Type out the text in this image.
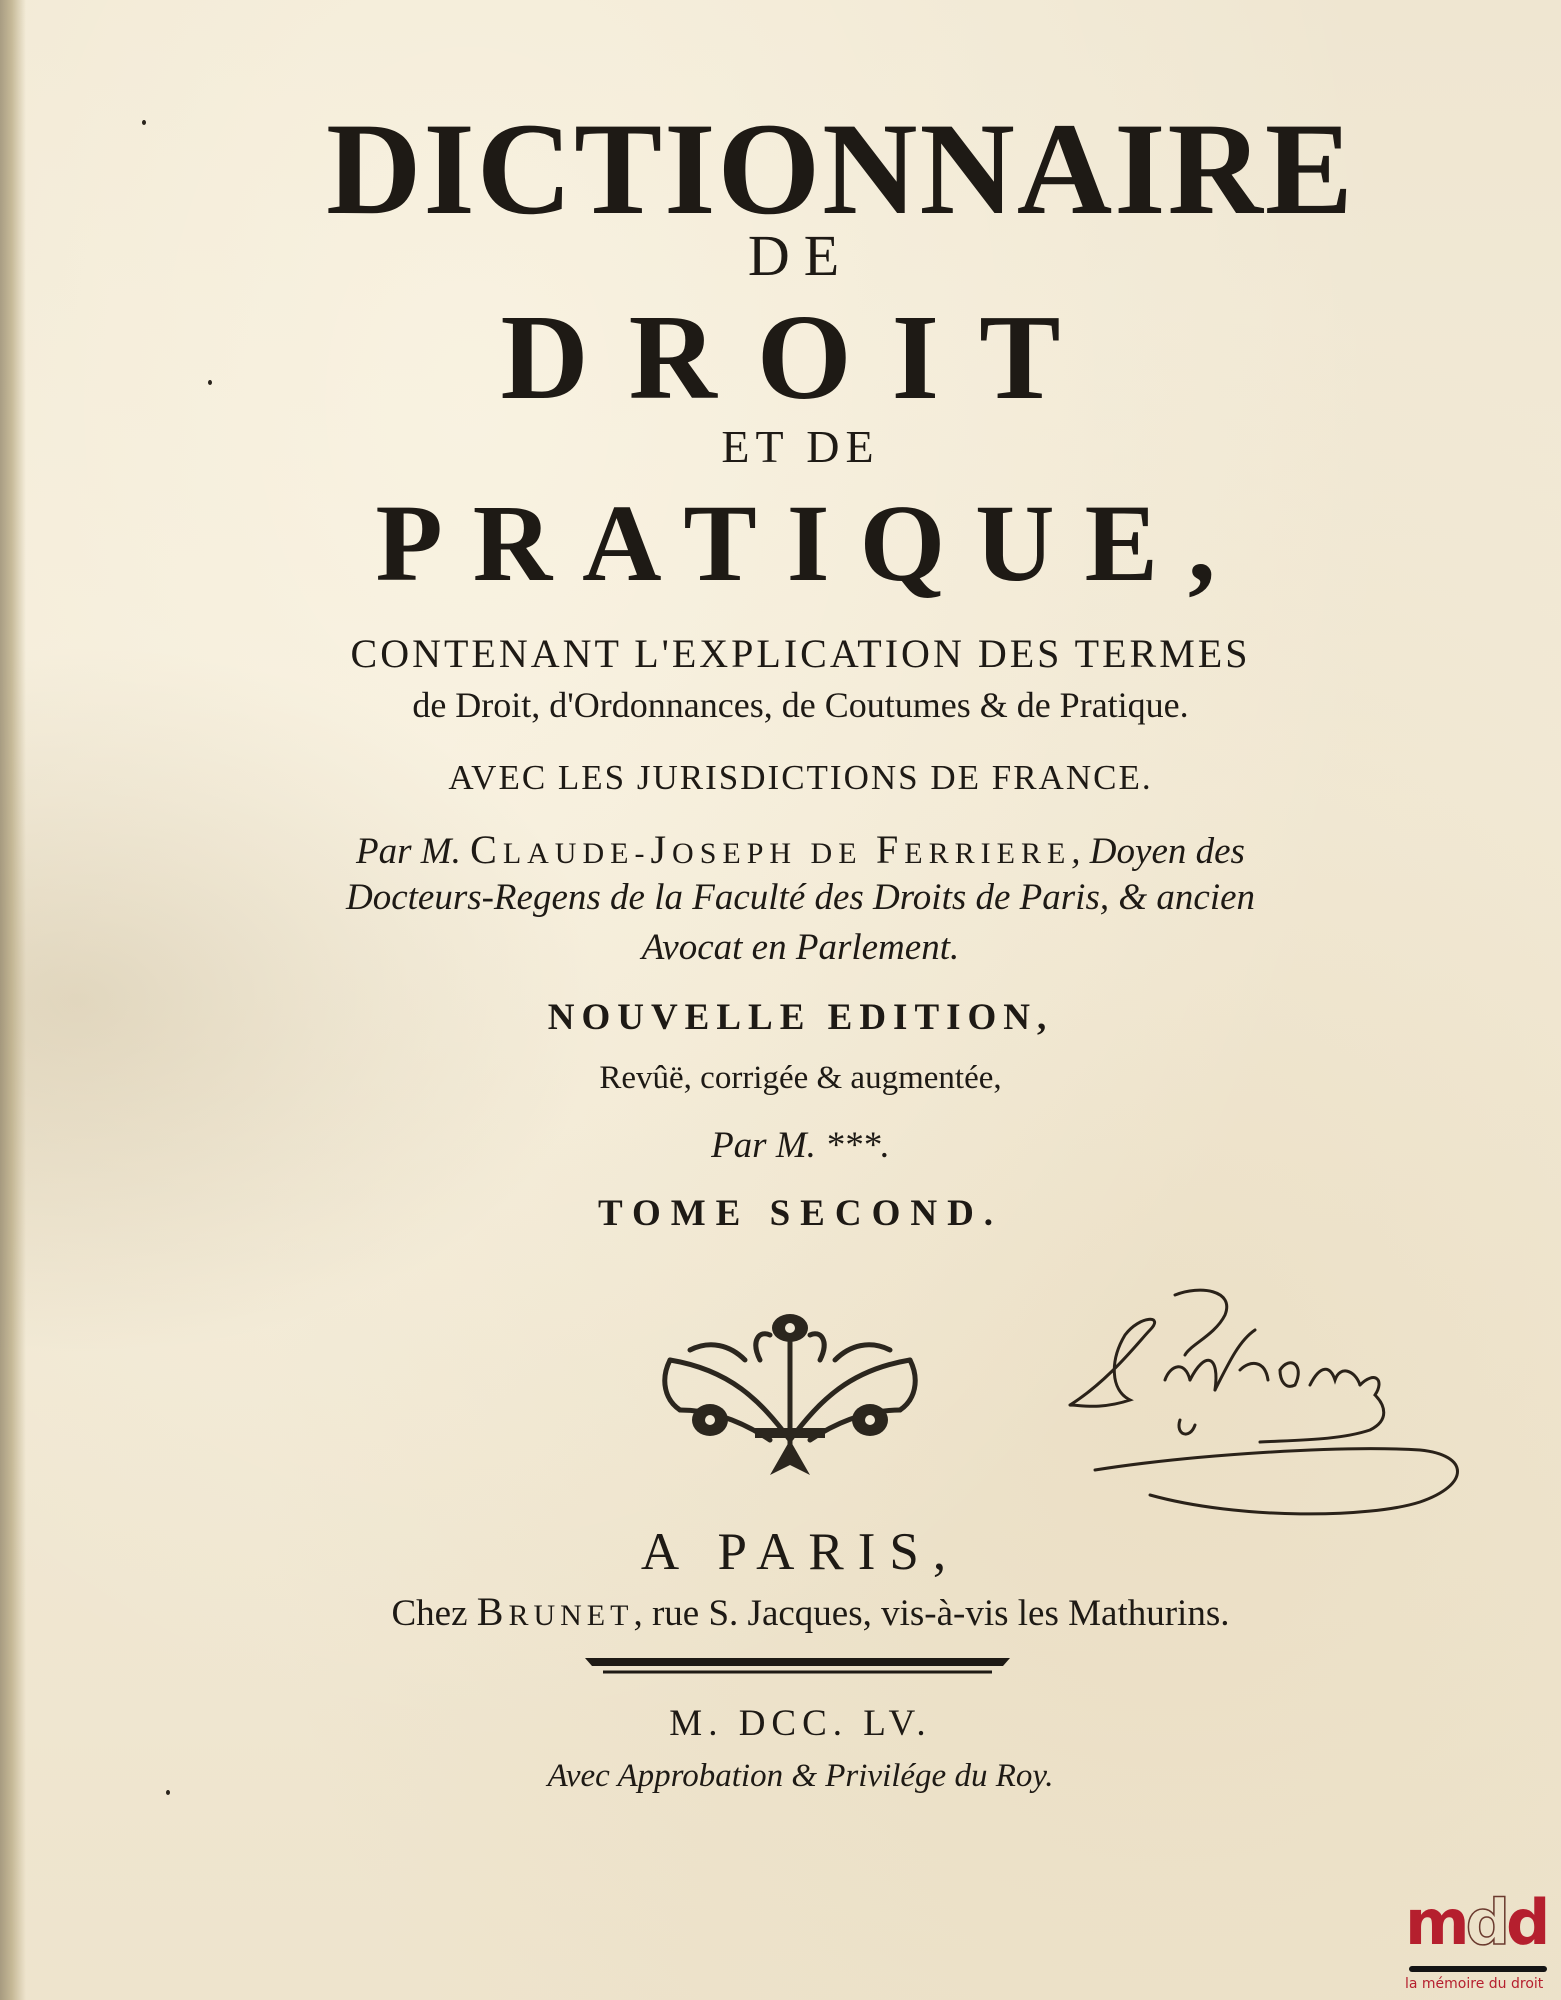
DICTIONNAIRE
DE
DROIT
ET DE
PRATIQUE,
CONTENANT L'EXPLICATION DES TERMES
de Droit, d'Ordonnances, de Coutumes & de Pratique.
AVEC LES JURISDICTIONS DE FRANCE.
Par M. CLAUDE-JOSEPH DE FERRIERE, Doyen des
Docteurs-Regens de la Faculté des Droits de Paris, & ancien
Avocat en Parlement.
NOUVELLE EDITION,
Revûë, corrigée & augmentée,
Par M. ***.
TOME SECOND.
A PARIS,
Chez BRUNET, rue S. Jacques, vis-à-vis les Mathurins.
M. DCC. LV.
Avec Approbation & Privilége du Roy.
mdd
la mémoire du droit
